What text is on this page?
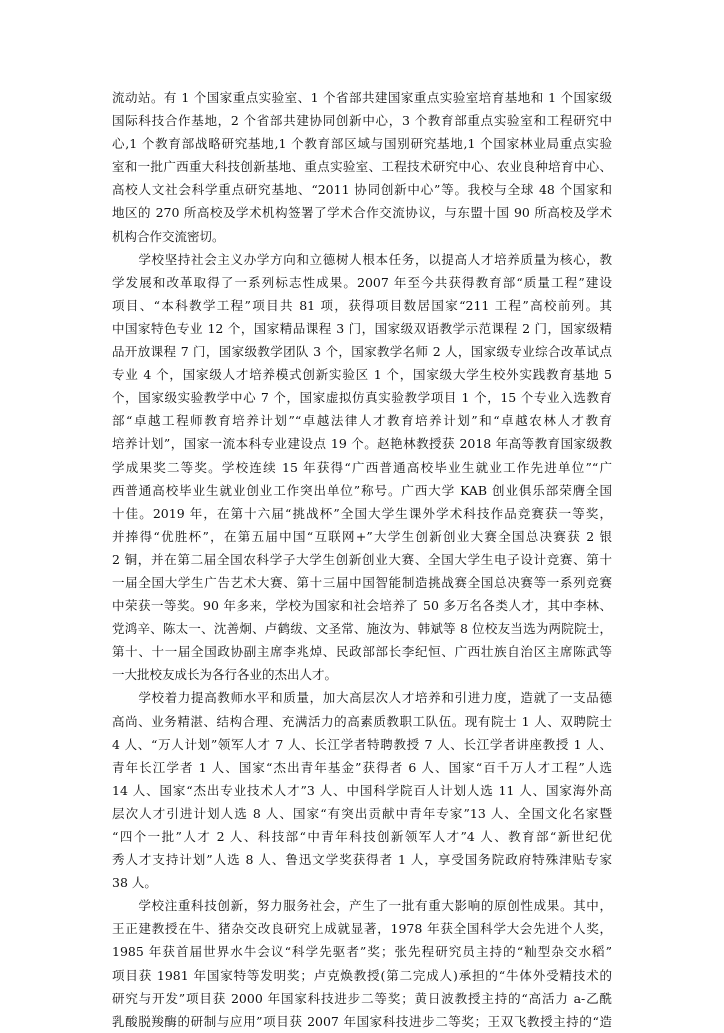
流动站。有 1 个国家重点实验室、1 个省部共建国家重点实验室培育基地和 1 个国家级
国际科技合作基地，2 个省部共建协同创新中心，3 个教育部重点实验室和工程研究中
心,1 个教育部战略研究基地,1 个教育部区域与国别研究基地,1 个国家林业局重点实验
室和一批广西重大科技创新基地、重点实验室、工程技术研究中心、农业良种培育中心、
高校人文社会科学重点研究基地、“2011 协同创新中心”等。我校与全球 48 个国家和
地区的 270 所高校及学术机构签署了学术合作交流协议，与东盟十国 90 所高校及学术
机构合作交流密切。
　　学校坚持社会主义办学方向和立德树人根本任务，以提高人才培养质量为核心，教
学发展和改革取得了一系列标志性成果。2007 年至今共获得教育部“质量工程”建设
项目、“本科教学工程”项目共 81 项，获得项目数居国家“211 工程”高校前列。其
中国家特色专业 12 个，国家精品课程 3 门，国家级双语教学示范课程 2 门，国家级精
品开放课程 7 门，国家级教学团队 3 个，国家教学名师 2 人，国家级专业综合改革试点
专业 4 个，国家级人才培养模式创新实验区 1 个，国家级大学生校外实践教育基地 5
个，国家级实验教学中心 7 个，国家虚拟仿真实验教学项目 1 个，15 个专业入选教育
部“卓越工程师教育培养计划”“卓越法律人才教育培养计划”和“卓越农林人才教育
培养计划”，国家一流本科专业建设点 19 个。赵艳林教授获 2018 年高等教育国家级教
学成果奖二等奖。学校连续 15 年获得“广西普通高校毕业生就业工作先进单位”“广
西普通高校毕业生就业创业工作突出单位”称号。广西大学 KAB 创业俱乐部荣膺全国
十佳。2019 年，在第十六届“挑战杯”全国大学生课外学术科技作品竞赛获一等奖，
并捧得“优胜杯”，在第五届中国“互联网+”大学生创新创业大赛全国总决赛获 2 银
2 铜，并在第二届全国农科学子大学生创新创业大赛、全国大学生电子设计竞赛、第十
一届全国大学生广告艺术大赛、第十三届中国智能制造挑战赛全国总决赛等一系列竞赛
中荣获一等奖。90 年多来，学校为国家和社会培养了 50 多万名各类人才，其中李林、
党鸿辛、陈太一、沈善炯、卢鹤绂、文圣常、施汝为、韩斌等 8 位校友当选为两院院士，
第十、十一届全国政协副主席李兆焯、民政部部长李纪恒、广西壮族自治区主席陈武等
一大批校友成长为各行各业的杰出人才。
　　学校着力提高教师水平和质量，加大高层次人才培养和引进力度，造就了一支品德
高尚、业务精湛、结构合理、充满活力的高素质教职工队伍。现有院士 1 人、双聘院士
4 人、“万人计划”领军人才 7 人、长江学者特聘教授 7 人、长江学者讲座教授 1 人、
青年长江学者 1 人、国家“杰出青年基金”获得者 6 人、国家“百千万人才工程”人选
14 人、国家“杰出专业技术人才”3 人、中国科学院百人计划人选 11 人、国家海外高
层次人才引进计划人选 8 人、国家“有突出贡献中青年专家”13 人、全国文化名家暨
“四个一批”人才 2 人、科技部“中青年科技创新领军人才”4 人、教育部“新世纪优
秀人才支持计划”人选 8 人、鲁迅文学奖获得者 1 人，享受国务院政府特殊津贴专家
38 人。
　　学校注重科技创新，努力服务社会，产生了一批有重大影响的原创性成果。其中，
王正建教授在牛、猪杂交改良研究上成就显著，1978 年获全国科学大会先进个人奖，
1985 年获首届世界水牛会议“科学先驱者”奖；张先程研究员主持的“籼型杂交水稻”
项目获 1981 年国家特等发明奖；卢克焕教授(第二完成人)承担的“牛体外受精技术的
研究与开发”项目获 2000 年国家科技进步二等奖；黄日波教授主持的“高活力 a-乙酰
乳酸脱羧酶的研制与应用”项目获 2007 年国家科技进步二等奖；王双飞教授主持的“造
